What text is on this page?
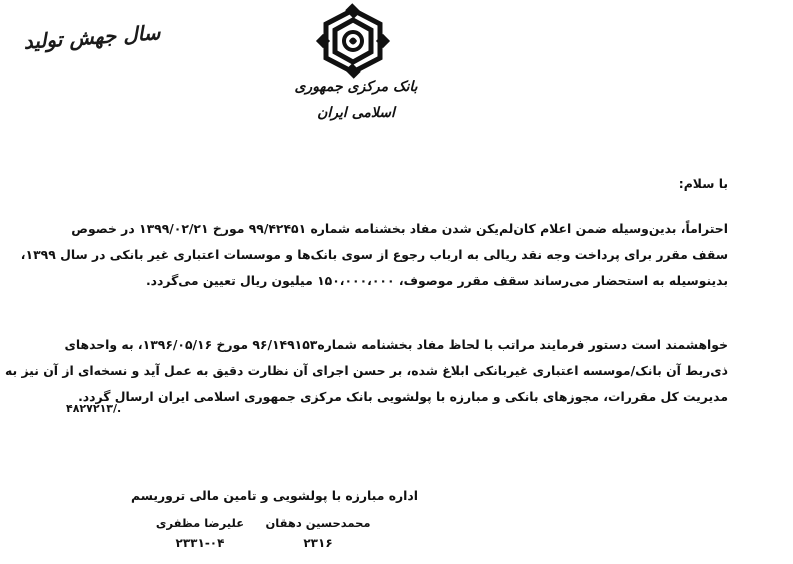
سال جهش تولید
بانک مرکزی جمهوری اسلامی ایران
با سلام:
احتراماً، بدین‌وسیله ضمن اعلام کان‌لم‌یکن شدن مفاد بخشنامه شماره ۹۹/۴۲۴۵۱ مورخ ۱۳۹۹/۰۲/۲۱ در خصوص
سقف مقرر برای پرداخت وجه نقد ریالی به ارباب رجوع از سوی بانک‌ها و موسسات اعتباری غیر بانکی در سال ۱۳۹۹،
بدینوسیله به استحضار می‌رساند سقف مقرر موصوف، ۱۵۰،۰۰۰،۰۰۰ میلیون ریال تعیین می‌گردد.
خواهشمند است دستور فرمایند مراتب با لحاظ مفاد بخشنامه شماره۹۶/۱۴۹۱۵۳ مورخ ۱۳۹۶/۰۵/۱۶، به واحدهای
ذی‌ربط آن بانک/موسسه اعتباری غیربانکی ابلاغ شده، بر حسن اجرای آن نظارت دقیق به عمل آید و نسخه‌ای از آن نیز به
مدیریت کل مقررات، مجوزهای بانکی و مبارزه با پولشویی بانک مرکزی جمهوری اسلامی ایران ارسال گردد.
۴۸۲۷۲۱۳/.
اداره مبارزه با پولشویی و تامین مالی تروریسم
محمدحسین دهقان
۲۳۱۶
علیرضا مظفری
۲۳۳۱-۰۴
